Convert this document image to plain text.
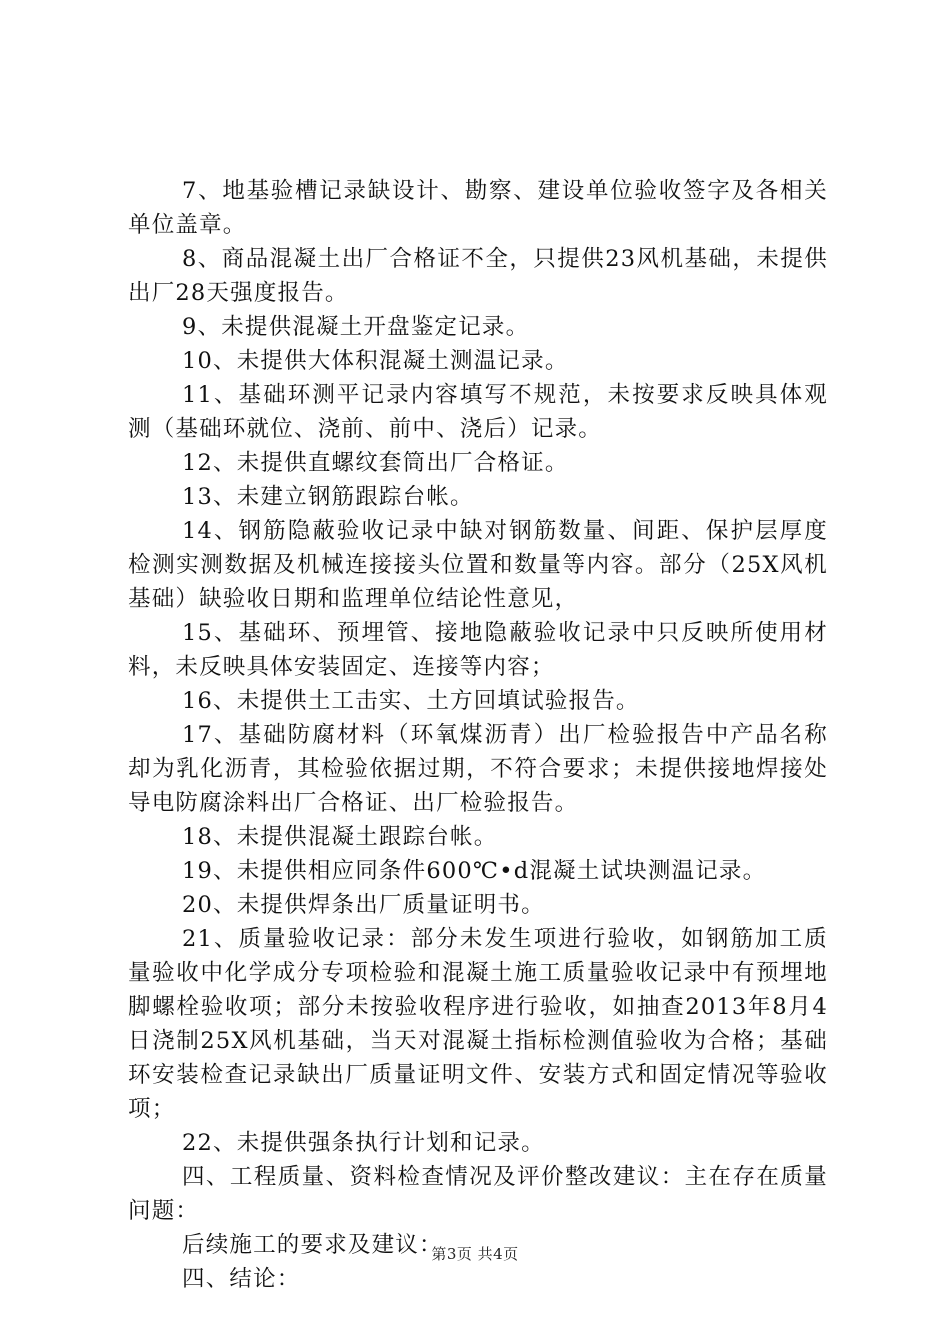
7、地基验槽记录缺设计、勘察、建设单位验收签字及各相关单位盖章。

8、商品混凝土出厂合格证不全，只提供23风机基础，未提供出厂28天强度报告。

9、未提供混凝土开盘鉴定记录。

10、未提供大体积混凝土测温记录。

11、基础环测平记录内容填写不规范，未按要求反映具体观测（基础环就位、浇前、前中、浇后）记录。

12、未提供直螺纹套筒出厂合格证。

13、未建立钢筋跟踪台帐。

14、钢筋隐蔽验收记录中缺对钢筋数量、间距、保护层厚度检测实测数据及机械连接接头位置和数量等内容。部分（25X风机基础）缺验收日期和监理单位结论性意见，

15、基础环、预埋管、接地隐蔽验收记录中只反映所使用材料，未反映具体安装固定、连接等内容；

16、未提供土工击实、土方回填试验报告。

17、基础防腐材料（环氧煤沥青）出厂检验报告中产品名称却为乳化沥青，其检验依据过期，不符合要求；未提供接地焊接处导电防腐涂料出厂合格证、出厂检验报告。

18、未提供混凝土跟踪台帐。

19、未提供相应同条件600℃•d混凝土试块测温记录。

20、未提供焊条出厂质量证明书。

21、质量验收记录：部分未发生项进行验收，如钢筋加工质量验收中化学成分专项检验和混凝土施工质量验收记录中有预埋地脚螺栓验收项；部分未按验收程序进行验收，如抽查2013年8月4日浇制25X风机基础，当天对混凝土指标检测值验收为合格；基础环安装检查记录缺出厂质量证明文件、安装方式和固定情况等验收项；

22、未提供强条执行计划和记录。

四、工程质量、资料检查情况及评价整改建议：主在存在质量问题：

后续施工的要求及建议：

四、结论：

第3页 共4页
